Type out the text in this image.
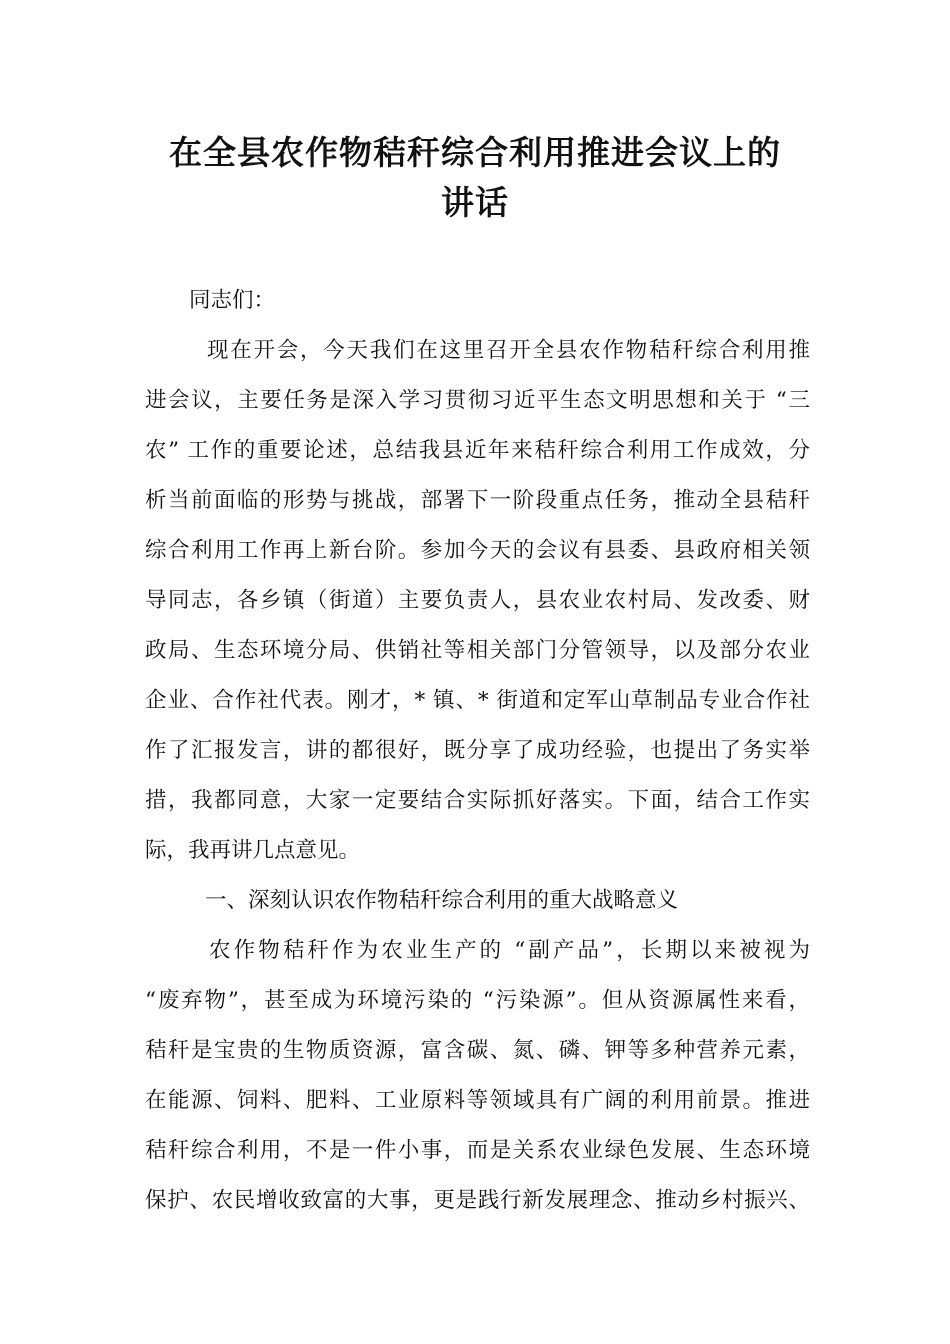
在全县农作物秸秆综合利用推进会议上的
讲话
同志们：
现在开会，今天我们在这里召开全县农作物秸秆综合利用推
进会议，主要任务是深入学习贯彻习近平生态文明思想和关于 “三
农” 工作的重要论述，总结我县近年来秸秆综合利用工作成效，分
析当前面临的形势与挑战，部署下一阶段重点任务，推动全县秸秆
综合利用工作再上新台阶。参加今天的会议有县委、县政府相关领
导同志，各乡镇（街道）主要负责人，县农业农村局、发改委、财
政局、生态环境分局、供销社等相关部门分管领导，以及部分农业
企业、合作社代表。刚才，* 镇、* 街道和定军山草制品专业合作社
作了汇报发言，讲的都很好，既分享了成功经验，也提出了务实举
措，我都同意，大家一定要结合实际抓好落实。下面，结合工作实
际，我再讲几点意见。
一、深刻认识农作物秸秆综合利用的重大战略意义
农作物秸秆作为农业生产的 “副产品”，长期以来被视为
“废弃物”，甚至成为环境污染的 “污染源”。但从资源属性来看，
秸秆是宝贵的生物质资源，富含碳、氮、磷、钾等多种营养元素，
在能源、饲料、肥料、工业原料等领域具有广阔的利用前景。推进
秸秆综合利用，不是一件小事，而是关系农业绿色发展、生态环境
保护、农民增收致富的大事，更是践行新发展理念、推动乡村振兴、
